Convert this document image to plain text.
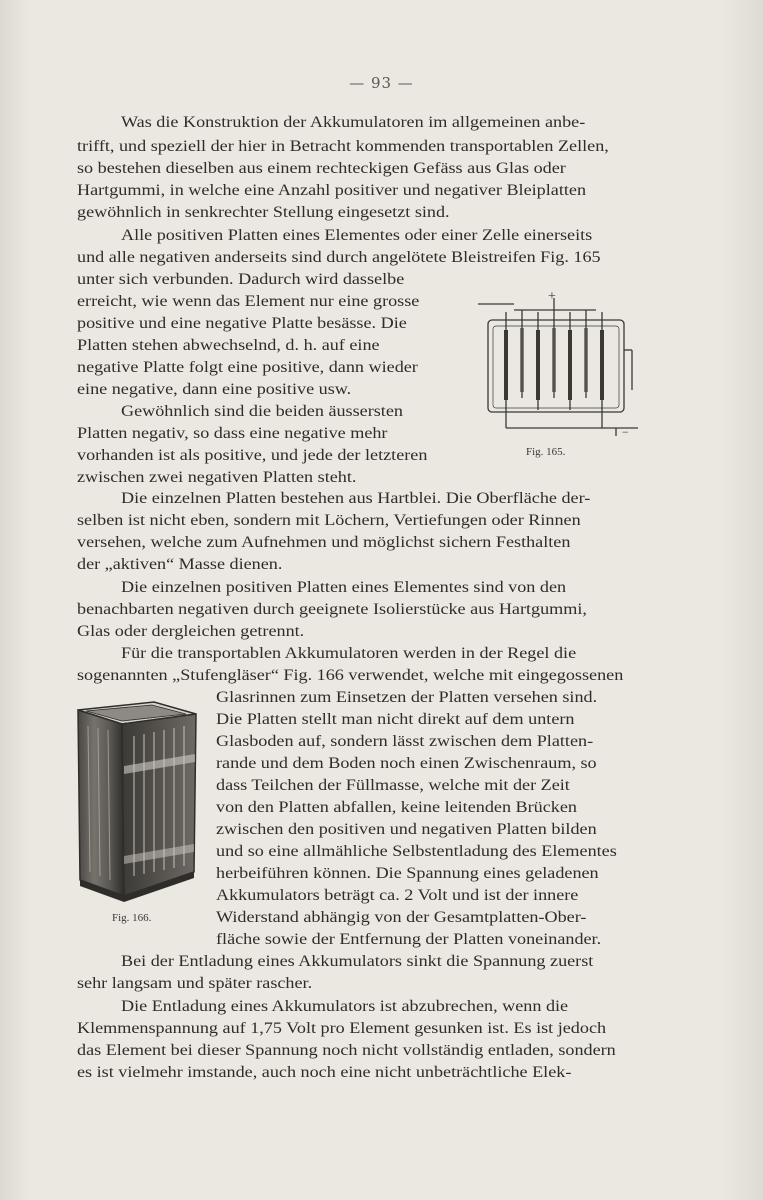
— 93 —
Was die Konstruktion der Akkumulatoren im allgemeinen anbe-
trifft, und speziell der hier in Betracht kommenden transportablen Zellen,
so bestehen dieselben aus einem rechteckigen Gefäss aus Glas oder
Hartgummi, in welche eine Anzahl positiver und negativer Bleiplatten
gewöhnlich in senkrechter Stellung eingesetzt sind.
Alle positiven Platten eines Elementes oder einer Zelle einerseits
und alle negativen anderseits sind durch angelötete Bleistreifen Fig. 165
unter sich verbunden. Dadurch wird dasselbe
erreicht, wie wenn das Element nur eine grosse
positive und eine negative Platte besässe. Die
Platten stehen abwechselnd, d. h. auf eine
negative Platte folgt eine positive, dann wieder
eine negative, dann eine positive usw.
Gewöhnlich sind die beiden äussersten
Platten negativ, so dass eine negative mehr
vorhanden ist als positive, und jede der letzteren
zwischen zwei negativen Platten steht.
Die einzelnen Platten bestehen aus Hartblei. Die Oberfläche der-
selben ist nicht eben, sondern mit Löchern, Vertiefungen oder Rinnen
versehen, welche zum Aufnehmen und möglichst sichern Festhalten
der „aktiven“ Masse dienen.
Die einzelnen positiven Platten eines Elementes sind von den
benachbarten negativen durch geeignete Isolierstücke aus Hartgummi,
Glas oder dergleichen getrennt.
Für die transportablen Akkumulatoren werden in der Regel die
sogenannten „Stufengläser“ Fig. 166 verwendet, welche mit eingegossenen
Glasrinnen zum Einsetzen der Platten versehen sind.
Die Platten stellt man nicht direkt auf dem untern
Glasboden auf, sondern lässt zwischen dem Platten-
rande und dem Boden noch einen Zwischenraum, so
dass Teilchen der Füllmasse, welche mit der Zeit
von den Platten abfallen, keine leitenden Brücken
zwischen den positiven und negativen Platten bilden
und so eine allmähliche Selbstentladung des Elementes
herbeiführen können. Die Spannung eines geladenen
Akkumulators beträgt ca. 2 Volt und ist der innere
Widerstand abhängig von der Gesamtplatten-Ober-
fläche sowie der Entfernung der Platten voneinander.
Bei der Entladung eines Akkumulators sinkt die Spannung zuerst
sehr langsam und später rascher.
Die Entladung eines Akkumulators ist abzubrechen, wenn die
Klemmenspannung auf 1,75 Volt pro Element gesunken ist. Es ist jedoch
das Element bei dieser Spannung noch nicht vollständig entladen, sondern
es ist vielmehr imstande, auch noch eine nicht unbeträchtliche Elek-
+
−
Fig. 165.
Fig. 166.
